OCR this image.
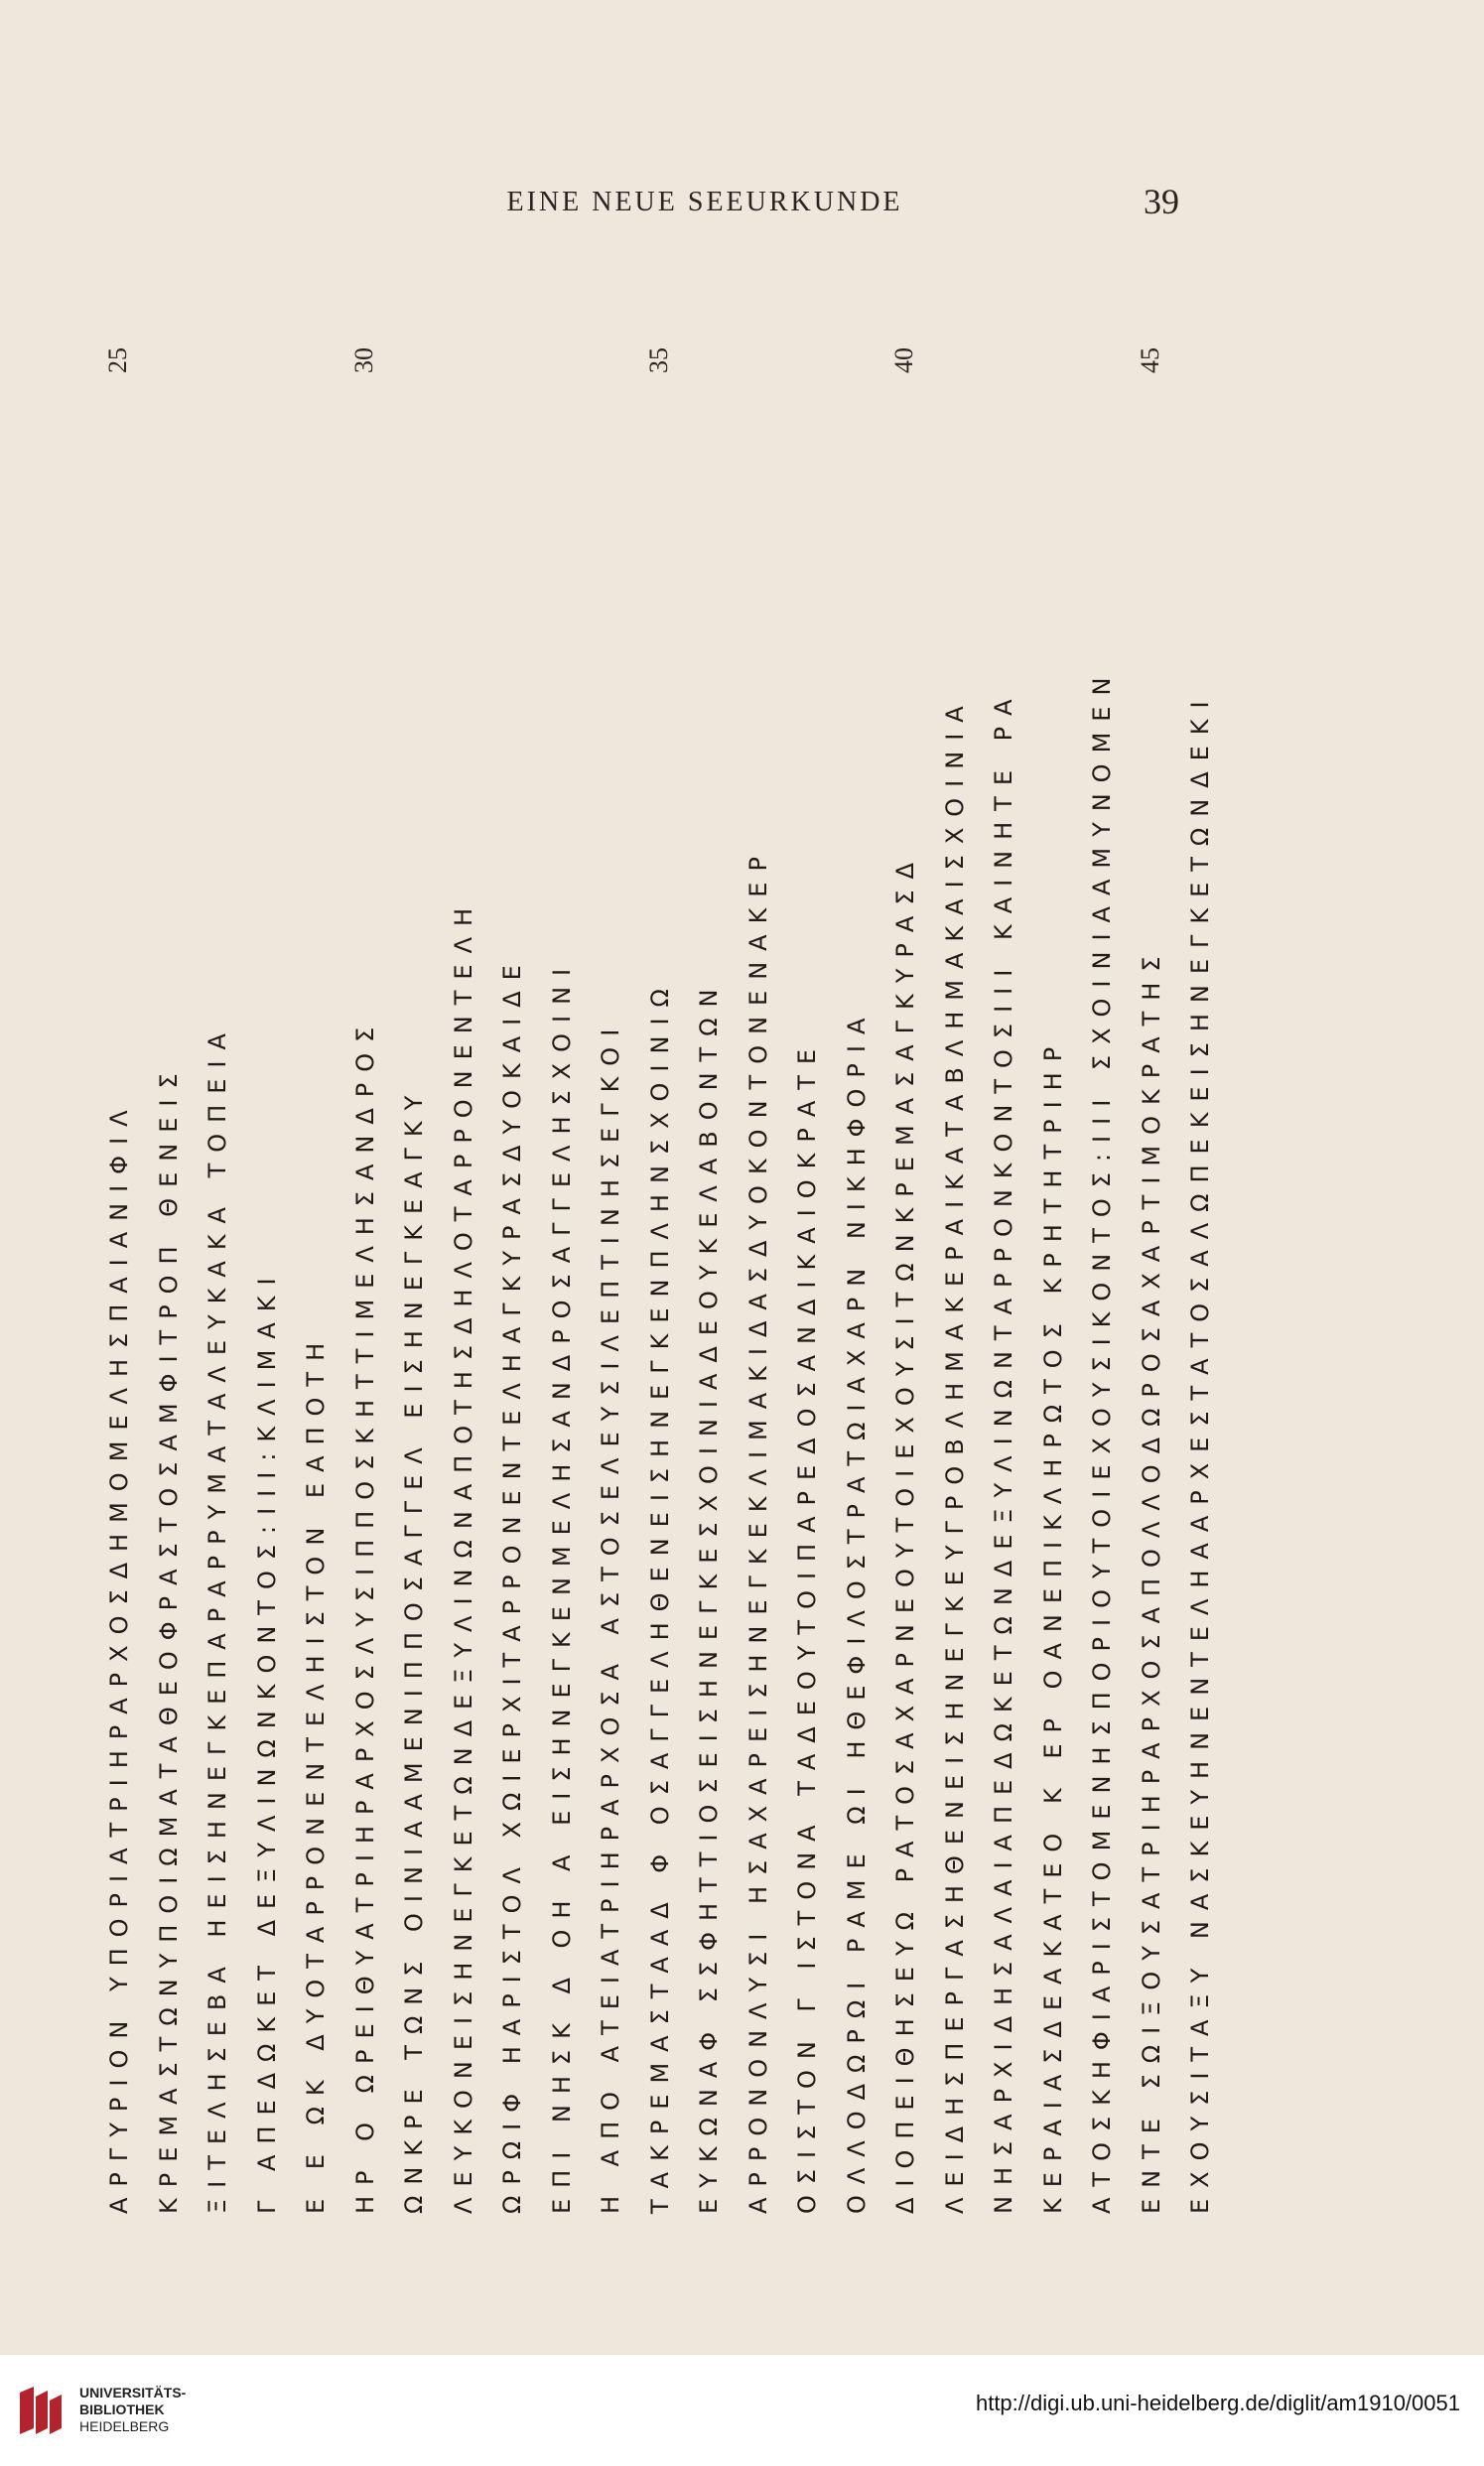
EINE NEUE SEEURKUNDE	39
ΑΡΓΥΡΙΟΝ ΥΠΟΡΙΑΤΡΙΗΡΑΡΧΟΣΔΗΜΟΜΕΛΗΣΠΑΙΑΝΙΦΙΛ ΚΡΕΜΑΣΤΩΝΥΠΟΙΩΜΑΤΑΘΕΟΦΡΑΣΤΟΣΑΜΦΙΤΡΟΠ ΘΕΝΕΙΣ ΞΙΤΕΛΗΣΕΒΑ ΗΕΙΣΗΝΕΓΚΕΠΑΡΑΡΡΥΜΑΤΑΛΕΥΚΑΚΑ ΤΟΠΕΙΑ Γ ΑΠΕΔΩΚΕΤ ΔΕΞΥΛΙΝΩΝΚΟΝΤΟΣ:ΙΙΙ:ΚΛΙΜΑΚΙ Ε Ε ΩΚ ΔΥΟΤΑΡΡΟΝΕΝΤΕΛΗΙΣΤΟΝ ΕΑΠΟΤΗ ΗΡ Ο ΩΡΕΙΘΥΑΤΡΙΗΡΑΡΧΟΣΛΥΣΙΠΠΟΣΚΗΤΤΙΜΕΛΗΣΑΝΔΡΟΣ ΩΝΚΡΕ ΤΩΝΣ ΟΙΝΙΑΑΜΕΝΙΠΠΟΣΑΓΓΕΛ ΕΙΣΗΝΕΓΚΕΑΓΚΥ ΛΕΥΚΟΝΕΙΣΗΝΕΓΚΕΤΩΝΔΕΞΥΛΙΝΩΝΑΠΟΤΗΣΔΗΛΟΤΑΡΡΟΝΕΝΤΕΛΗ ΩΡΩΙΦ ΗΑΡΙΣΤΟΛ ΧΩΙΕΡΧΙΤΑΡΡΟΝΕΝΤΕΛΗΑΓΚΥΡΑΣΔΥΟΚΑΙΔΕ ΕΠΙ ΝΗΣΚ Δ ΟΗ Α ΕΙΣΗΝΕΓΚΕΝΜΕΛΗΣΑΝΔΡΟΣΑΓΓΕΛΗΣΧΟΙΝΙ Η ΑΠΟ ΑΤΕΙΑΤΡΙΗΡΑΡΧΟΣΑ ΑΣΤΟΣΕΛΕΥΣΙΛΕΠΤΙΝΗΣΕΓΚΟΙ ΤΑΚΡΕΜΑΣΤΑΑΔ Φ ΟΣΑΓΓΕΛΗΘΕΝΕΙΣΗΝΕΓΚΕΝΠΛΗΝΣΧΟΙΝΙΩ ΕΥΚΩΝΑΦ ΣΣΦΗΤΤΙΟΣΕΙΣΗΝΕΓΚΕΣΧΟΙΝΙΑΔΕΟΥΚΕΛΑΒΟΝΤΩΝ ΑΡΡΟΝΟΝΛΥΣΙ ΗΣΑΧΑΡΕΙΣΗΝΕΓΚΕΚΛΙΜΑΚΙΔΑΣΔΥΟΚΟΝΤΟΝΕΝΑΚΕΡ ΟΣΙΣΤΟΝ Γ ΙΣΤΟΝΑ ΤΑΔΕΟΥΤΟΙΠΑΡΕΔΟΣΑΝΔΙΚΑΙΟΚΡΑΤΕ ΟΛΛΟΔΩΡΩΙ ΡΑΜΕ ΩΙ ΗΘΕΦΙΛΟΣΤΡΑΤΩΙΑΧΑΡΝ ΝΙΚΗΦΟΡΙΑ ΔΙΟΠΕΙΘΗΣΕΥΩ ΡΑΤΟΣΑΧΑΡΝΕΟΥΤΟΙΕΧΟΥΣΙΤΩΝΚΡΕΜΑΣΑΓΚΥΡΑΣΔ ΛΕΙΔΗΣΠΕΡΓΑΣΗΘΕΝΕΙΣΗΝΕΓΚΕΥΓΡΟΒΛΗΜΑΚΕΡΑΙΚΑΤΑΒΛΗΜΑΚΑΙΣΧΟΙΝΙΑ ΝΗΣΑΡΧΙΔΗΣΑΛΑΙΑΠΕΔΩΚΕΤΩΝΔΕΞΥΛΙΝΩΝΤΑΡΡΟΝΚΟΝΤΟΣΙΙΙ ΚΑΙΝΗΤΕ ΡΑ ΚΕΡΑΙΑΣΔΕΑΚΑΤΕΟ Κ ΕΡ ΟΑΝΕΠΙΚΛΗΡΩΤΟΣ ΚΡΗΤΗΤΡΙΗΡ ΑΤΟΣΚΗΦΙΑΡΙΣΤΟΜΕΝΗΣΠΟΡΙΟΥΤΟΙΕΧΟΥΣΙΚΟΝΤΟΣ:ΙΙΙ ΣΧΟΙΝΙΑΑΜΥΝΟΜΕΝ ΕΝΤΕ ΣΩΙΞΟΥΣΑΤΡΙΗΡΑΡΧΟΣΑΠΟΛΛΟΔΩΡΟΣΑΧΑΡΤΙΜΟΚΡΑΤΗΣ ΕΧΟΥΣΙΤΑΞΥ ΝΑΣΚΕΥΗΝΕΝΤΕΛΗΑΑΡΧΕΣΤΑΤΟΣΑΛΩΠΕΚΕΙΣΗΝΕΓΚΕΤΩΝΔΕΚΙ
25	30	35	40	45
UNIVERSITÄTS-
BIBLIOTHEK
HEIDELBERG
http://digi.ub.uni-heidelberg.de/diglit/am1910/0051
